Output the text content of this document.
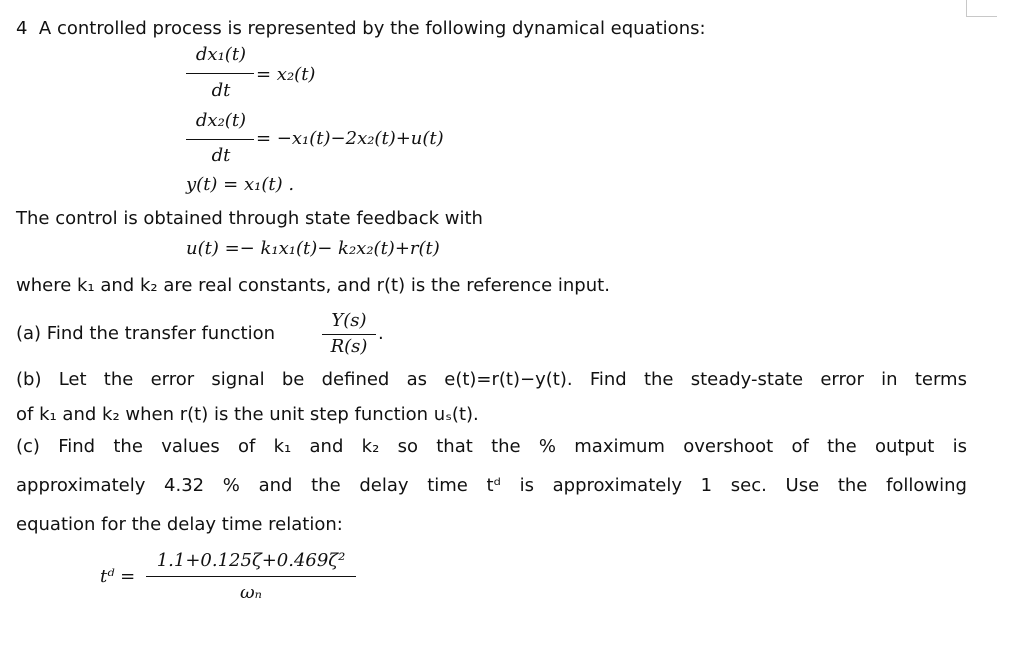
4 A controlled process is represented by the following dynamical equations:
dx₁(t)
dt
= x₂(t)
dx₂(t)
dt
= −x₁(t)−2x₂(t)+u(t)
y(t) = x₁(t) .
The control is obtained through state feedback with
u(t) =− k₁x₁(t)− k₂x₂(t)+r(t)
where k₁ and k₂ are real constants, and r(t) is the reference input.
(a) Find the transfer function
Y(s)
R(s)
.
(b) Let the error signal be defined as e(t)=r(t)−y(t). Find the steady-state error in terms
of k₁ and k₂ when r(t) is the unit step function uₛ(t).
(c) Find the values of k₁ and k₂ so that the % maximum overshoot of the output is
approximately 4.32 % and the delay time tᵈ is approximately 1 sec. Use the following
equation for the delay time relation:
tᵈ =
1.1+0.125ζ+0.469ζ²
ωₙ
